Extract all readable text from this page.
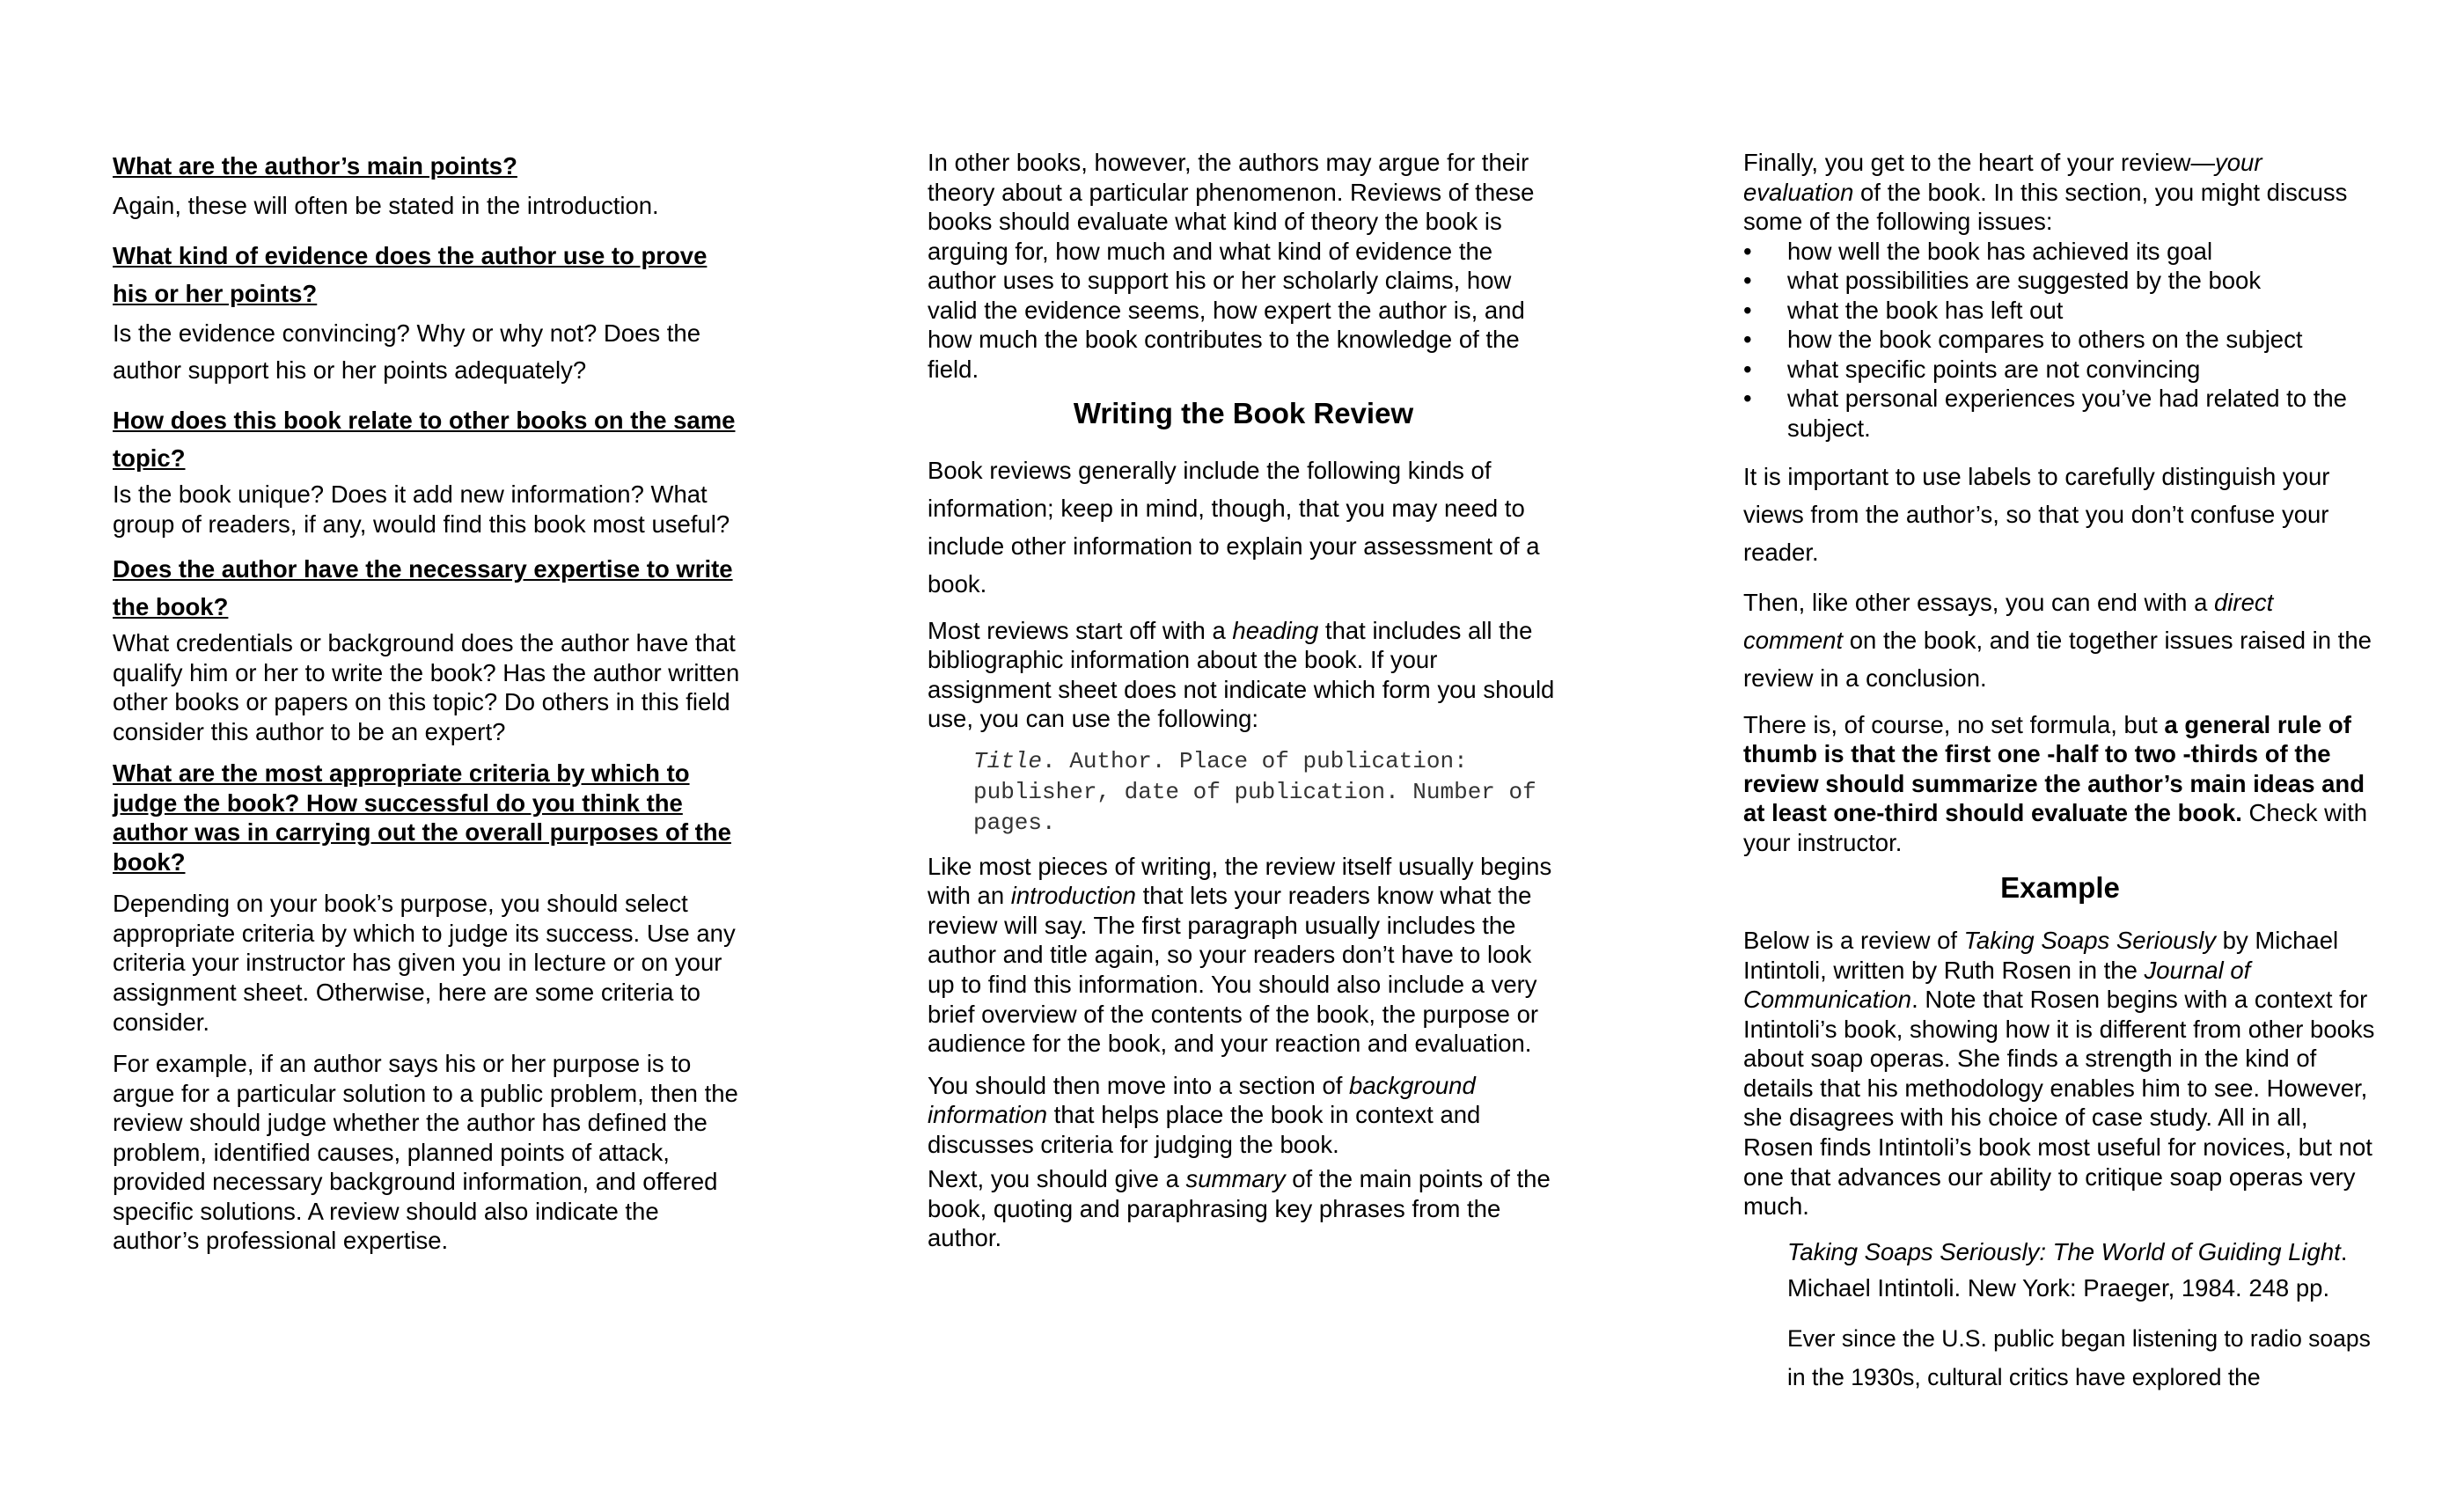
What are the author’s main points?

Again, these will often be stated in the introduction.

What kind of evidence does the author use to prove his or her points?

Is the evidence convincing? Why or why not? Does the author support his or her points adequately?

How does this book relate to other books on the same topic?

Is the book unique? Does it add new information? What group of readers, if any, would find this book most useful?

Does the author have the necessary expertise to write the book?

What credentials or background does the author have that qualify him or her to write the book? Has the author written other books or papers on this topic? Do others in this field consider this author to be an expert?

What are the most appropriate criteria by which to judge the book? How successful do you think the author was in carrying out the overall purposes of the book?

Depending on your book’s purpose, you should select appropriate criteria by which to judge its success. Use any criteria your instructor has given you in lecture or on your assignment sheet. Otherwise, here are some criteria to consider.

For example, if an author says his or her purpose is to argue for a particular solution to a public problem, then the review should judge whether the author has defined the problem, identified causes, planned points of attack, provided necessary background information, and offered specific solutions. A review should also indicate the author’s professional expertise.

In other books, however, the authors may argue for their theory about a particular phenomenon. Reviews of these books should evaluate what kind of theory the book is arguing for, how much and what kind of evidence the author uses to support his or her scholarly claims, how valid the evidence seems, how expert the author is, and how much the book contributes to the knowledge of the field.

Writing the Book Review

Book reviews generally include the following kinds of information; keep in mind, though, that you may need to include other information to explain your assessment of a book.

Most reviews start off with a heading that includes all the bibliographic information about the book. If your assignment sheet does not indicate which form you should use, you can use the following:

Title. Author. Place of publication: publisher, date of publication. Number of pages.

Like most pieces of writing, the review itself usually begins with an introduction that lets your readers know what the review will say. The first paragraph usually includes the author and title again, so your readers don’t have to look up to find this information. You should also include a very brief overview of the contents of the book, the purpose or audience for the book, and your reaction and evaluation.

You should then move into a section of background information that helps place the book in context and discusses criteria for judging the book.

Next, you should give a summary of the main points of the book, quoting and paraphrasing key phrases from the author.

Finally, you get to the heart of your review—your evaluation of the book. In this section, you might discuss some of the following issues:

• how well the book has achieved its goal
• what possibilities are suggested by the book
• what the book has left out
• how the book compares to others on the subject
• what specific points are not convincing
• what personal experiences you’ve had related to the subject.

It is important to use labels to carefully distinguish your views from the author’s, so that you don’t confuse your reader.

Then, like other essays, you can end with a direct comment on the book, and tie together issues raised in the review in a conclusion.

There is, of course, no set formula, but a general rule of thumb is that the first one -half to two -thirds of the review should summarize the author’s main ideas and at least one-third should evaluate the book. Check with your instructor.

Example

Below is a review of Taking Soaps Seriously by Michael Intintoli, written by Ruth Rosen in the Journal of Communication. Note that Rosen begins with a context for Intintoli’s book, showing how it is different from other books about soap operas. She finds a strength in the kind of details that his methodology enables him to see. However, she disagrees with his choice of case study. All in all, Rosen finds Intintoli’s book most useful for novices, but not one that advances our ability to critique soap operas very much.

Taking Soaps Seriously: The World of Guiding Light. Michael Intintoli. New York: Praeger, 1984. 248 pp.

Ever since the U.S. public began listening to radio soaps in the 1930s, cultural critics have explored the
